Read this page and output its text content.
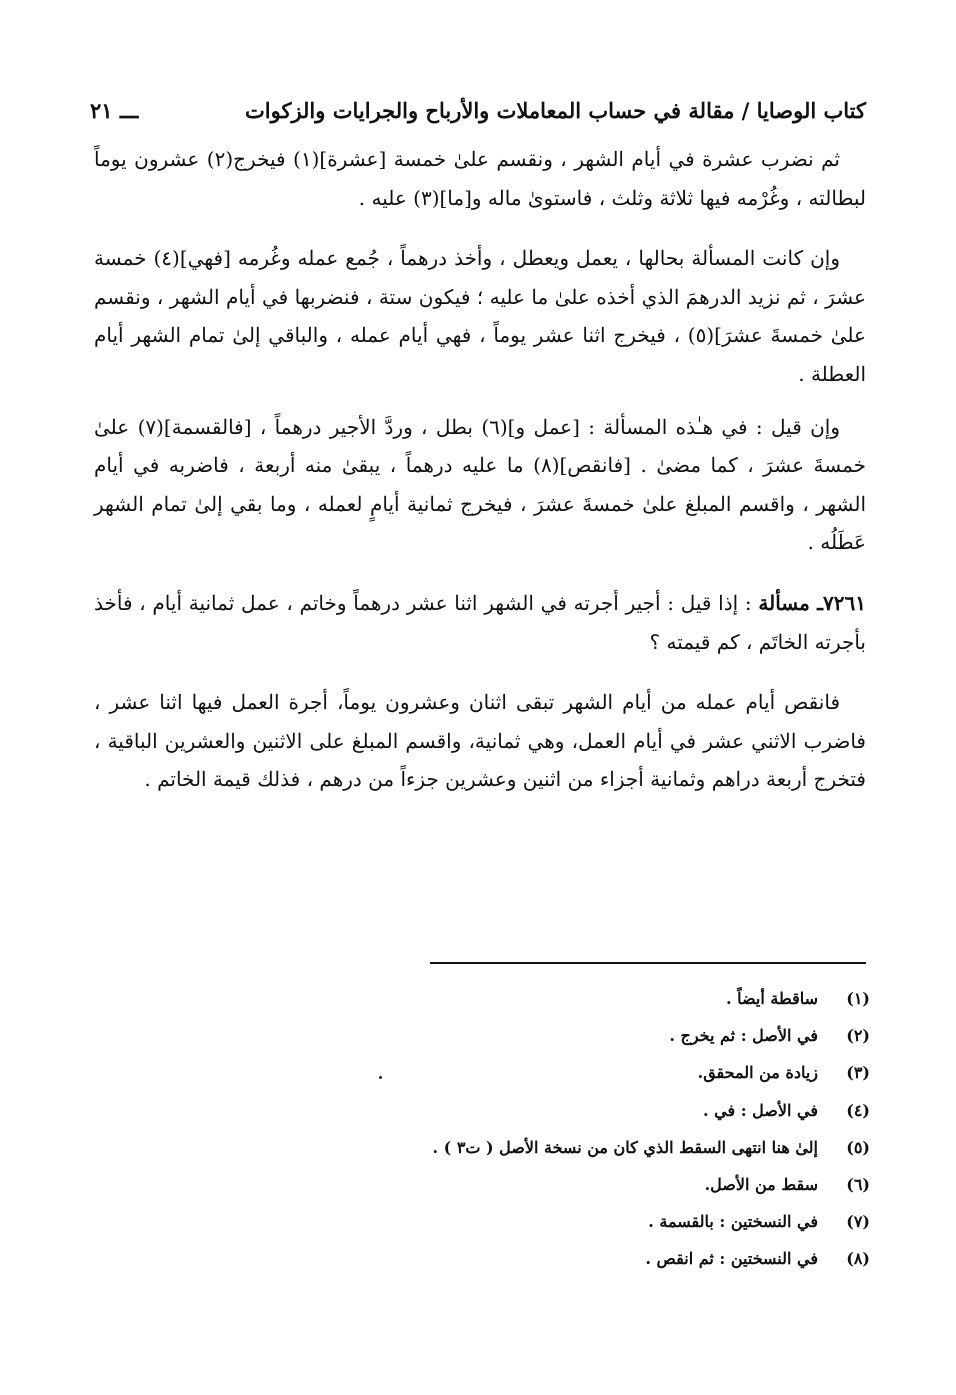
كتاب الوصايا / مقالة في حساب المعاملات والأرباح والجرايات والزكوات
ـــ ٢١

ثم نضرب عشرة في أيام الشهر ، ونقسم علىٰ خمسة [عشرة](١) فيخرج(٢) عشرون يوماً لبطالته ، وغُرْمه فيها ثلاثة وثلث ، فاستوىٰ ماله و[ما](٣) عليه .

وإن كانت المسألة بحالها ، يعمل ويعطل ، وأخذ درهماً ، جُمع عمله وغُرمه [فهي](٤) خمسة عشرَ ، ثم نزيد الدرهمَ الذي أخذه علىٰ ما عليه ؛ فيكون ستة ، فنضربها في أيام الشهر ، ونقسم علىٰ خمسةَ عشرَ](٥) ، فيخرج اثنا عشر يوماً ، فهي أيام عمله ، والباقي إلىٰ تمام الشهر أيام العطلة .

وإن قيل : في هـٰذه المسألة : [عمل و](٦) بطل ، وردَّ الأجير درهماً ، [فالقسمة](٧) علىٰ خمسةَ عشرَ ، كما مضىٰ . [فانقص](٨) ما عليه درهماً ، يبقىٰ منه أربعة ، فاضربه في أيام الشهر ، واقسم المبلغ علىٰ خمسةَ عشرَ ، فيخرج ثمانية أيامٍ لعمله ، وما بقي إلىٰ تمام الشهر عَطَلُه .

٧٢٦١ـ مسألة : إذا قيل : أجير أجرته في الشهر اثنا عشر درهماً وخاتم ، عمل ثمانية أيام ، فأخذ بأجرته الخاتَم ، كم قيمته ؟

فانقص أيام عمله من أيام الشهر تبقى اثنان وعشرون يوماً، أجرة العمل فيها اثنا عشر ، فاضرب الاثني عشر في أيام العمل، وهي ثمانية، واقسم المبلغ على الاثنين والعشرين الباقية ، فتخرج أربعة دراهم وثمانية أجزاء من اثنين وعشرين جزءاً من درهم ، فذلك قيمة الخاتم .

(١)
ساقطة أيضاً .
(٢)
في الأصل : ثم يخرج .
(٣)
زيادة من المحقق.
(٤)
في الأصل : في .
(٥)
إلىٰ هنا انتهى السقط الذي كان من نسخة الأصل ( ت٣ ) .
(٦)
سقط من الأصل.
(٧)
في النسختين : بالقسمة .
(٨)
في النسختين : ثم انقص .
